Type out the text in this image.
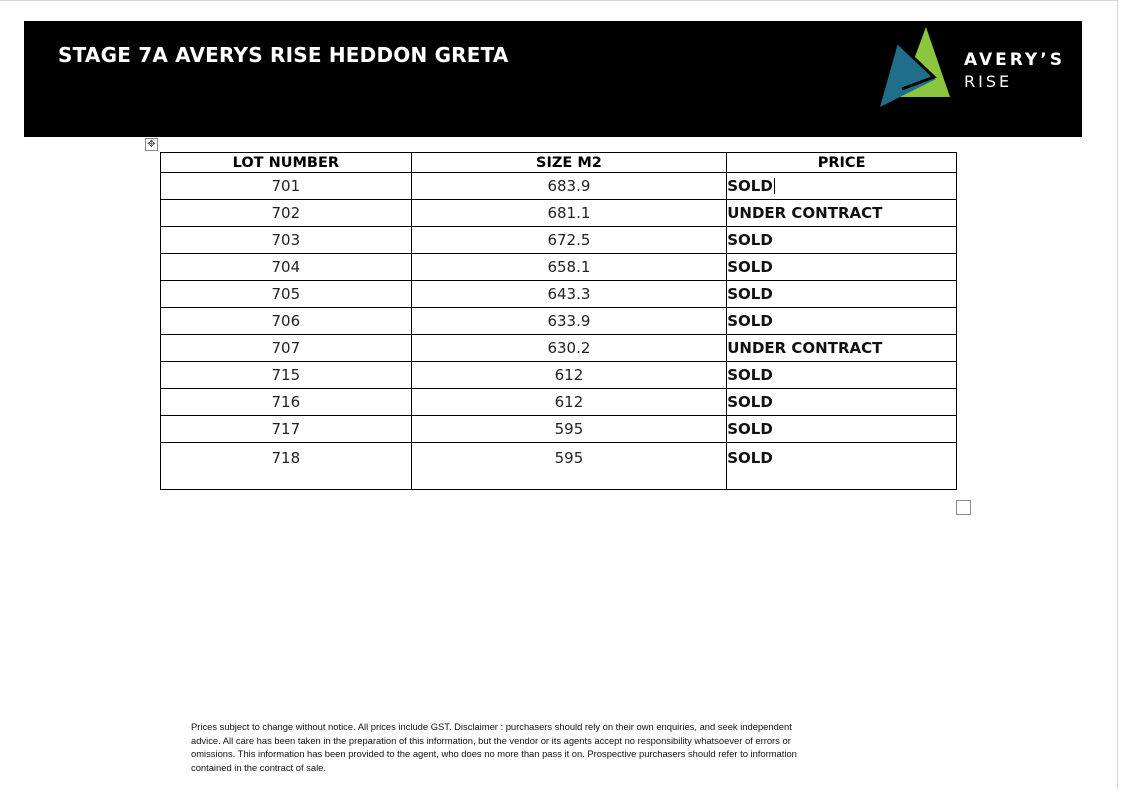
STAGE 7A AVERYS RISE HEDDON GRETA	AVERY’S
RISE
✥
LOT NUMBER	SIZE M2	PRICE
701	683.9	SOLD
702	681.1	UNDER CONTRACT
703	672.5	SOLD
704	658.1	SOLD
705	643.3	SOLD
706	633.9	SOLD
707	630.2	UNDER CONTRACT
715	612	SOLD
716	612	SOLD
717	595	SOLD
718	595	SOLD
Prices subject to change without notice. All prices include GST. Disclaimer : purchasers should rely on their own enquiries, and seek independent
advice. All care has been taken in the preparation of this information, but the vendor or its agents accept no responsibility whatsoever of errors or
omissions. This information has been provided to the agent, who does no more than pass it on. Prospective purchasers should refer to information
contained in the contract of sale.
